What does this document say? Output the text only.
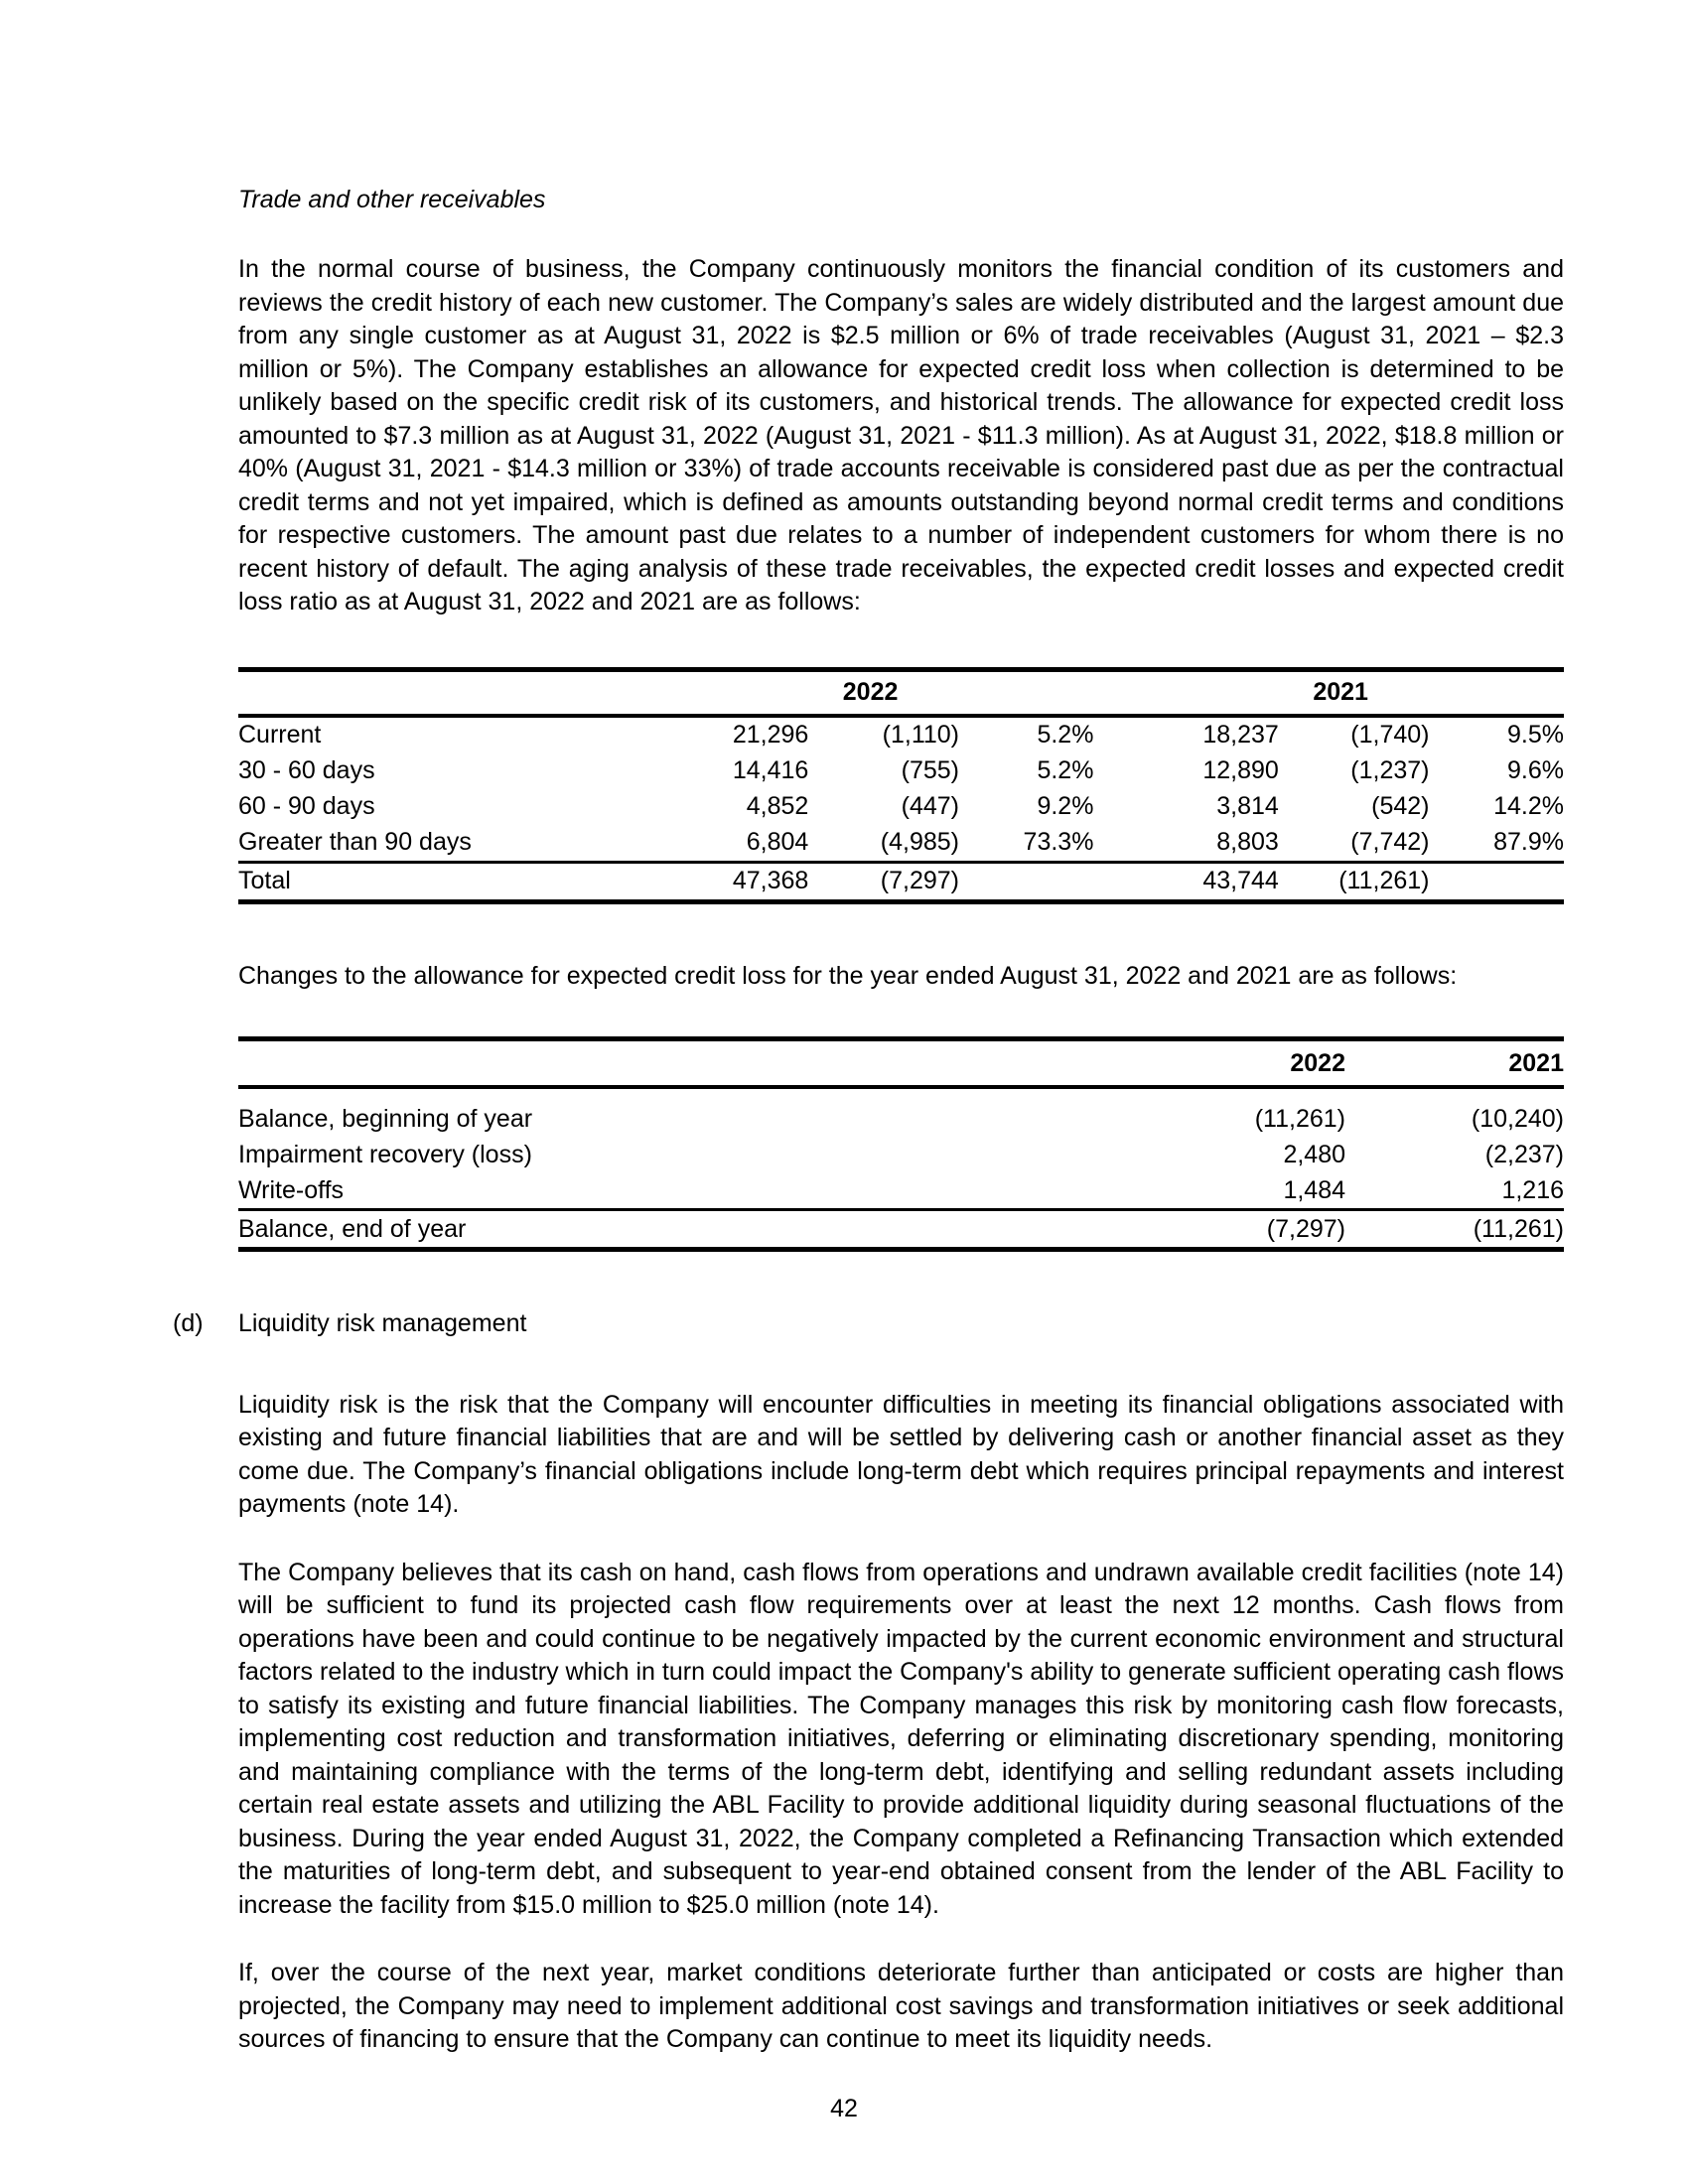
Trade and other receivables

In the normal course of business, the Company continuously monitors the financial condition of its customers and reviews the credit history of each new customer. The Company’s sales are widely distributed and the largest amount due from any single customer as at August 31, 2022 is $2.5 million or 6% of trade receivables (August 31, 2021 – $2.3 million or 5%). The Company establishes an allowance for expected credit loss when collection is determined to be unlikely based on the specific credit risk of its customers, and historical trends. The allowance for expected credit loss amounted to $7.3 million as at August 31, 2022 (August 31, 2021 - $11.3 million). As at August 31, 2022, $18.8 million or 40% (August 31, 2021 - $14.3 million or 33%) of trade accounts receivable is considered past due as per the contractual credit terms and not yet impaired, which is defined as amounts outstanding beyond normal credit terms and conditions for respective customers. The amount past due relates to a number of independent customers for whom there is no recent history of default. The aging analysis of these trade receivables, the expected credit losses and expected credit loss ratio as at August 31, 2022 and 2021 are as follows:

	2022				2021		
Current	21,296	(1,110)	5.2%		18,237	(1,740)	9.5%
30 - 60 days	14,416	(755)	5.2%		12,890	(1,237)	9.6%
60 - 90 days	4,852	(447)	9.2%		3,814	(542)	14.2%
Greater than 90 days	6,804	(4,985)	73.3%		8,803	(7,742)	87.9%
Total	47,368	(7,297)			43,744	(11,261)	

Changes to the allowance for expected credit loss for the year ended August 31, 2022 and 2021 are as follows:

	2022	2021
Balance, beginning of year	(11,261)	(10,240)
Impairment recovery (loss)	2,480	(2,237)
Write-offs	1,484	1,216
Balance, end of year	(7,297)	(11,261)
(d)	Liquidity risk management

Liquidity risk is the risk that the Company will encounter difficulties in meeting its financial obligations associated with existing and future financial liabilities that are and will be settled by delivering cash or another financial asset as they come due. The Company’s financial obligations include long-term debt which requires principal repayments and interest payments (note 14).

The Company believes that its cash on hand, cash flows from operations and undrawn available credit facilities (note 14) will be sufficient to fund its projected cash flow requirements over at least the next 12 months. Cash flows from operations have been and could continue to be negatively impacted by the current economic environment and structural factors related to the industry which in turn could impact the Company's ability to generate sufficient operating cash flows to satisfy its existing and future financial liabilities. The Company manages this risk by monitoring cash flow forecasts, implementing cost reduction and transformation initiatives, deferring or eliminating discretionary spending, monitoring and maintaining compliance with the terms of the long-term debt, identifying and selling redundant assets including certain real estate assets and utilizing the ABL Facility to provide additional liquidity during seasonal fluctuations of the business. During the year ended August 31, 2022, the Company completed a Refinancing Transaction which extended the maturities of long-term debt, and subsequent to year-end obtained consent from the lender of the ABL Facility to increase the facility from $15.0 million to $25.0 million (note 14).

If, over the course of the next year, market conditions deteriorate further than anticipated or costs are higher than projected, the Company may need to implement additional cost savings and transformation initiatives or seek additional sources of financing to ensure that the Company can continue to meet its liquidity needs.

42
